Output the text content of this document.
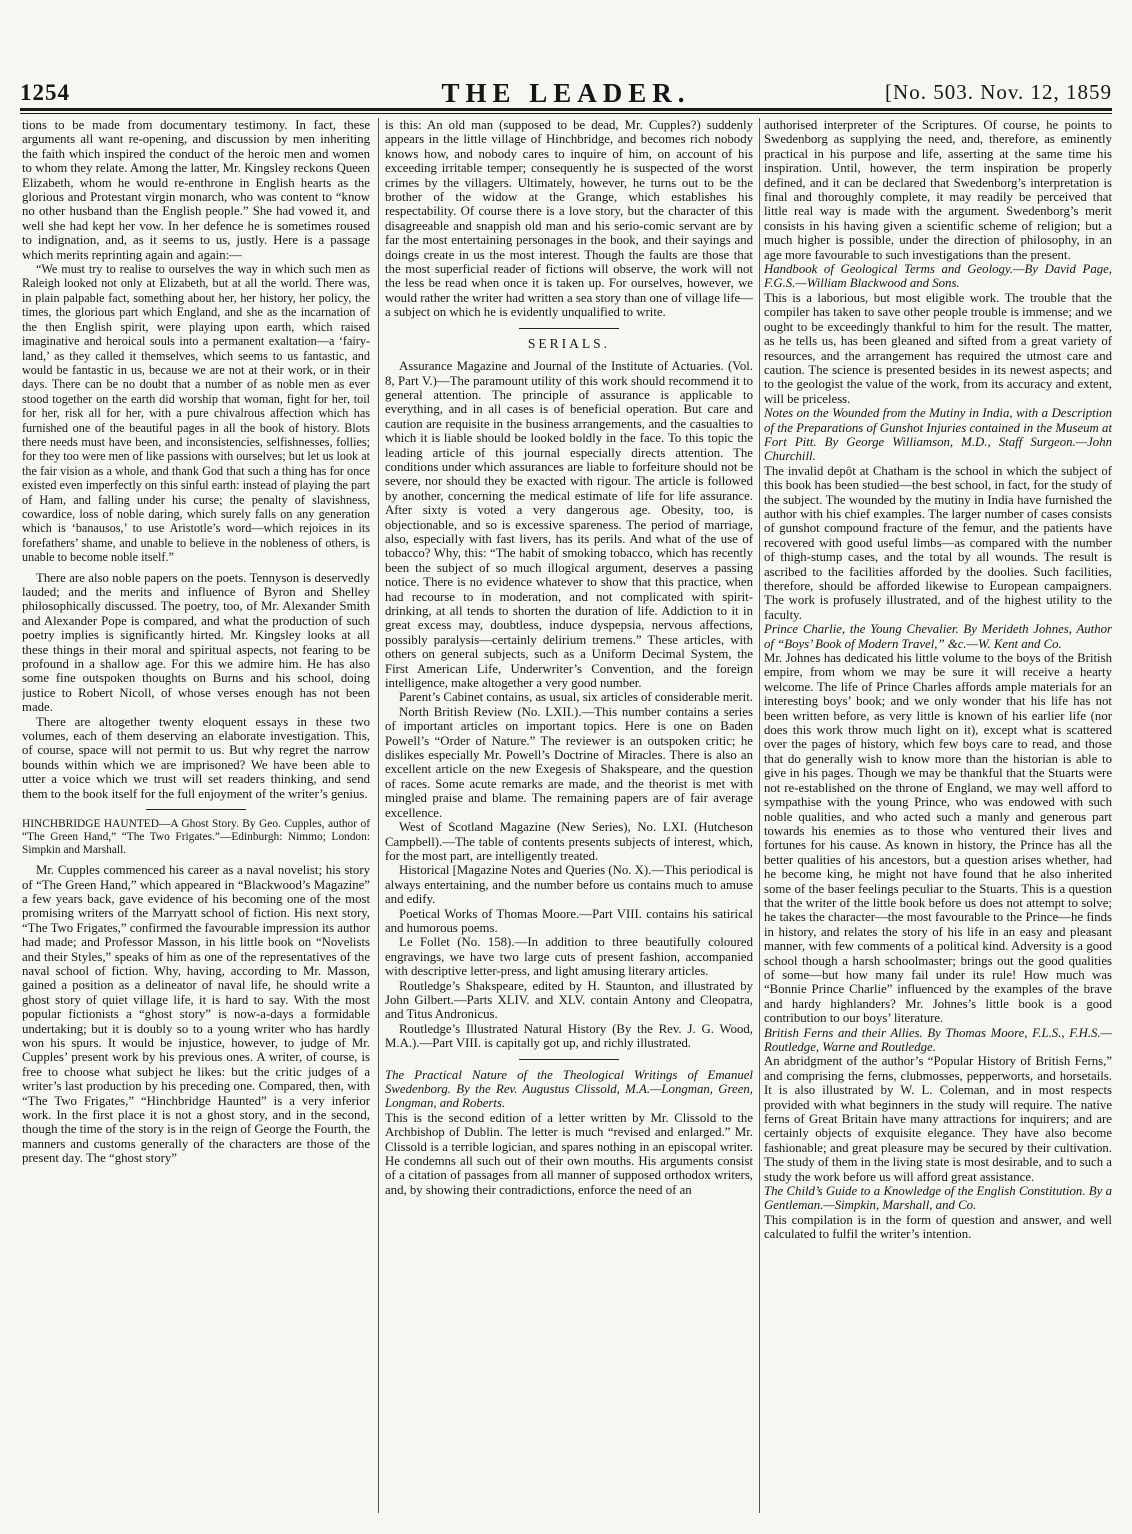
1254	THE LEADER.	[No. 503. Nov. 12, 1859

tions to be made from documentary testimony. In fact, these arguments all want re-opening, and discussion by men inheriting the faith which inspired the conduct of the heroic men and women to whom they relate. Among the latter, Mr. Kingsley reckons Queen Elizabeth, whom he would re-enthrone in English hearts as the glorious and Protestant virgin monarch, who was content to “know no other husband than the English people.” She had vowed it, and well she had kept her vow. In her defence he is sometimes roused to indignation, and, as it seems to us, justly. Here is a passage which merits reprinting again and again:—

“We must try to realise to ourselves the way in which such men as Raleigh looked not only at Elizabeth, but at all the world. There was, in plain palpable fact, something about her, her history, her policy, the times, the glorious part which England, and she as the incarnation of the then English spirit, were playing upon earth, which raised imaginative and heroical souls into a permanent exaltation—a ‘fairy-land,’ as they called it themselves, which seems to us fantastic, and would be fantastic in us, because we are not at their work, or in their days. There can be no doubt that a number of as noble men as ever stood together on the earth did worship that woman, fight for her, toil for her, risk all for her, with a pure chivalrous affection which has furnished one of the beautiful pages in all the book of history. Blots there needs must have been, and inconsistencies, selfishnesses, follies; for they too were men of like passions with ourselves; but let us look at the fair vision as a whole, and thank God that such a thing has for once existed even imperfectly on this sinful earth: instead of playing the part of Ham, and falling under his curse; the penalty of slavishness, cowardice, loss of noble daring, which surely falls on any generation which is ‘banausos,’ to use Aristotle’s word—which rejoices in its forefathers’ shame, and unable to believe in the nobleness of others, is unable to become noble itself.”

There are also noble papers on the poets. Tennyson is deservedly lauded; and the merits and influence of Byron and Shelley philosophically discussed. The poetry, too, of Mr. Alexander Smith and Alexander Pope is compared, and what the production of such poetry implies is significantly hirted. Mr. Kingsley looks at all these things in their moral and spiritual aspects, not fearing to be profound in a shallow age. For this we admire him. He has also some fine outspoken thoughts on Burns and his school, doing justice to Robert Nicoll, of whose verses enough has not been made.

There are altogether twenty eloquent essays in these two volumes, each of them deserving an elaborate investigation. This, of course, space will not permit to us. But why regret the narrow bounds within which we are imprisoned? We have been able to utter a voice which we trust will set readers thinking, and send them to the book itself for the full enjoyment of the writer’s genius.

HINCHBRIDGE HAUNTED—A Ghost Story. By Geo. Cupples, author of “The Green Hand,” “The Two Frigates.”—Edinburgh: Nimmo; London: Simpkin and Marshall.

Mr. Cupples commenced his career as a naval novelist; his story of “The Green Hand,” which appeared in “Blackwood’s Magazine” a few years back, gave evidence of his becoming one of the most promising writers of the Marryatt school of fiction. His next story, “The Two Frigates,” confirmed the favourable impression its author had made; and Professor Masson, in his little book on “Novelists and their Styles,” speaks of him as one of the representatives of the naval school of fiction. Why, having, according to Mr. Masson, gained a position as a delineator of naval life, he should write a ghost story of quiet village life, it is hard to say. With the most popular fictionists a “ghost story” is now-a-days a formidable undertaking; but it is doubly so to a young writer who has hardly won his spurs. It would be injustice, however, to judge of Mr. Cupples’ present work by his previous ones. A writer, of course, is free to choose what subject he likes: but the critic judges of a writer’s last production by his preceding one. Compared, then, with “The Two Frigates,” “Hinchbridge Haunted” is a very inferior work. In the first place it is not a ghost story, and in the second, though the time of the story is in the reign of George the Fourth, the manners and customs generally of the characters are those of the present day. The “ghost story”

is this: An old man (supposed to be dead, Mr. Cupples?) suddenly appears in the little village of Hinchbridge, and becomes rich nobody knows how, and nobody cares to inquire of him, on account of his exceeding irritable temper; consequently he is suspected of the worst crimes by the villagers. Ultimately, however, he turns out to be the brother of the widow at the Grange, which establishes his respectability. Of course there is a love story, but the character of this disagreeable and snappish old man and his serio-comic servant are by far the most entertaining personages in the book, and their sayings and doings create in us the most interest. Though the faults are those that the most superficial reader of fictions will observe, the work will not the less be read when once it is taken up. For ourselves, however, we would rather the writer had written a sea story than one of village life—a subject on which he is evidently unqualified to write.

SERIALS.

Assurance Magazine and Journal of the Institute of Actuaries. (Vol. 8, Part V.)—The paramount utility of this work should recommend it to general attention. The principle of assurance is applicable to everything, and in all cases is of beneficial operation. But care and caution are requisite in the business arrangements, and the casualties to which it is liable should be looked boldly in the face. To this topic the leading article of this journal especially directs attention. The conditions under which assurances are liable to forfeiture should not be severe, nor should they be exacted with rigour. The article is followed by another, concerning the medical estimate of life for life assurance. After sixty is voted a very dangerous age. Obesity, too, is objectionable, and so is excessive spareness. The period of marriage, also, especially with fast livers, has its perils. And what of the use of tobacco? Why, this: “The habit of smoking tobacco, which has recently been the subject of so much illogical argument, deserves a passing notice. There is no evidence whatever to show that this practice, when had recourse to in moderation, and not complicated with spirit-drinking, at all tends to shorten the duration of life. Addiction to it in great excess may, doubtless, induce dyspepsia, nervous affections, possibly paralysis—certainly delirium tremens.” These articles, with others on general subjects, such as a Uniform Decimal System, the First American Life, Underwriter’s Convention, and the foreign intelligence, make altogether a very good number.

Parent’s Cabinet contains, as usual, six articles of considerable merit.

North British Review (No. LXII.).—This number contains a series of important articles on important topics. Here is one on Baden Powell’s “Order of Nature.” The reviewer is an outspoken critic; he dislikes especially Mr. Powell’s Doctrine of Miracles. There is also an excellent article on the new Exegesis of Shakspeare, and the question of races. Some acute remarks are made, and the theorist is met with mingled praise and blame. The remaining papers are of fair average excellence.

West of Scotland Magazine (New Series), No. LXI. (Hutcheson Campbell).—The table of contents presents subjects of interest, which, for the most part, are intelligently treated.

Historical [Magazine Notes and Queries (No. X).—This periodical is always entertaining, and the number before us contains much to amuse and edify.

Poetical Works of Thomas Moore.—Part VIII. contains his satirical and humorous poems.

Le Follet (No. 158).—In addition to three beautifully coloured engravings, we have two large cuts of present fashion, accompanied with descriptive letter-press, and light amusing literary articles.

Routledge’s Shakspeare, edited by H. Staunton, and illustrated by John Gilbert.—Parts XLIV. and XLV. contain Antony and Cleopatra, and Titus Andronicus.

Routledge’s Illustrated Natural History (By the Rev. J. G. Wood, M.A.).—Part VIII. is capitally got up, and richly illustrated.

The Practical Nature of the Theological Writings of Emanuel Swedenborg. By the Rev. Augustus Clissold, M.A.—Longman, Green, Longman, and Roberts.

This is the second edition of a letter written by Mr. Clissold to the Archbishop of Dublin. The letter is much “revised and enlarged.” Mr. Clissold is a terrible logician, and spares nothing in an episcopal writer. He condemns all such out of their own mouths. His arguments consist of a citation of passages from all manner of supposed orthodox writers, and, by showing their contradictions, enforce the need of an

authorised interpreter of the Scriptures. Of course, he points to Swedenborg as supplying the need, and, therefore, as eminently practical in his purpose and life, asserting at the same time his inspiration. Until, however, the term inspiration be properly defined, and it can be declared that Swedenborg’s interpretation is final and thoroughly complete, it may readily be perceived that little real way is made with the argument. Swedenborg’s merit consists in his having given a scientific scheme of religion; but a much higher is possible, under the direction of philosophy, in an age more favourable to such investigations than the present.

Handbook of Geological Terms and Geology.—By David Page, F.G.S.—William Blackwood and Sons.

This is a laborious, but most eligible work. The trouble that the compiler has taken to save other people trouble is immense; and we ought to be exceedingly thankful to him for the result. The matter, as he tells us, has been gleaned and sifted from a great variety of resources, and the arrangement has required the utmost care and caution. The science is presented besides in its newest aspects; and to the geologist the value of the work, from its accuracy and extent, will be priceless.

Notes on the Wounded from the Mutiny in India, with a Description of the Preparations of Gunshot Injuries contained in the Museum at Fort Pitt. By George Williamson, M.D., Staff Surgeon.—John Churchill.

The invalid depôt at Chatham is the school in which the subject of this book has been studied—the best school, in fact, for the study of the subject. The wounded by the mutiny in India have furnished the author with his chief examples. The larger number of cases consists of gunshot compound fracture of the femur, and the patients have recovered with good useful limbs—as compared with the number of thigh-stump cases, and the total by all wounds. The result is ascribed to the facilities afforded by the doolies. Such facilities, therefore, should be afforded likewise to European campaigners. The work is profusely illustrated, and of the highest utility to the faculty.

Prince Charlie, the Young Chevalier. By Merideth Johnes, Author of “Boys’ Book of Modern Travel,” &c.—W. Kent and Co.

Mr. Johnes has dedicated his little volume to the boys of the British empire, from whom we may be sure it will receive a hearty welcome. The life of Prince Charles affords ample materials for an interesting boys’ book; and we only wonder that his life has not been written before, as very little is known of his earlier life (nor does this work throw much light on it), except what is scattered over the pages of history, which few boys care to read, and those that do generally wish to know more than the historian is able to give in his pages. Though we may be thankful that the Stuarts were not re-established on the throne of England, we may well afford to sympathise with the young Prince, who was endowed with such noble qualities, and who acted such a manly and generous part towards his enemies as to those who ventured their lives and fortunes for his cause. As known in history, the Prince has all the better qualities of his ancestors, but a question arises whether, had he become king, he might not have found that he also inherited some of the baser feelings peculiar to the Stuarts. This is a question that the writer of the little book before us does not attempt to solve; he takes the character—the most favourable to the Prince—he finds in history, and relates the story of his life in an easy and pleasant manner, with few comments of a political kind. Adversity is a good school though a harsh schoolmaster; brings out the good qualities of some—but how many fail under its rule! How much was “Bonnie Prince Charlie” influenced by the examples of the brave and hardy highlanders? Mr. Johnes’s little book is a good contribution to our boys’ literature.

British Ferns and their Allies. By Thomas Moore, F.L.S., F.H.S.—Routledge, Warne and Routledge.

An abridgment of the author’s “Popular History of British Ferns,” and comprising the ferns, clubmosses, pepperworts, and horsetails. It is also illustrated by W. L. Coleman, and in most respects provided with what beginners in the study will require. The native ferns of Great Britain have many attractions for inquirers; and are certainly objects of exquisite elegance. They have also become fashionable; and great pleasure may be secured by their cultivation. The study of them in the living state is most desirable, and to such a study the work before us will afford great assistance.

The Child’s Guide to a Knowledge of the English Constitution. By a Gentleman.—Simpkin, Marshall, and Co.

This compilation is in the form of question and answer, and well calculated to fulfil the writer’s intention.
